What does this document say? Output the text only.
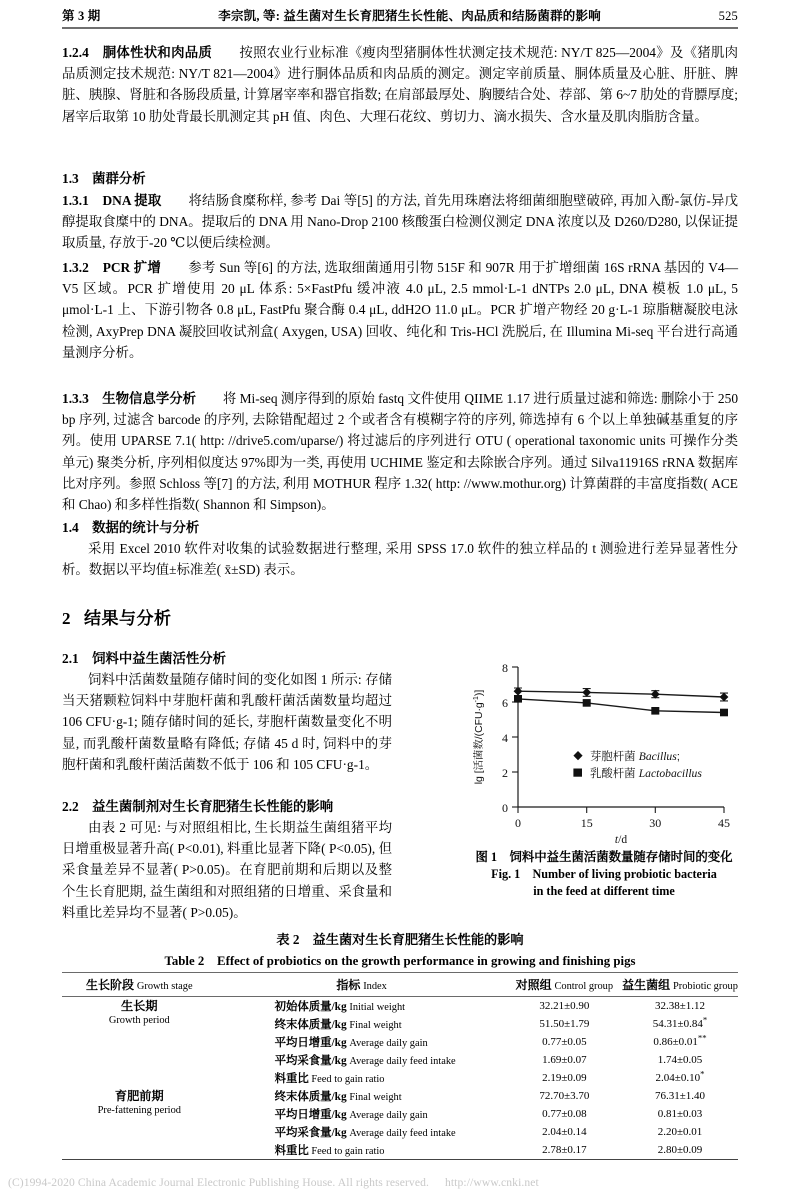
第 3 期	李宗凯, 等: 益生菌对生长育肥猪生长性能、肉品质和结肠菌群的影响	525

1.2.4　 胴体性状和肉品质　　 按照农业行业标准《瘦肉型猪胴体性状测定技术规范: NY/T 825—2004》及《猪肌肉品质测定技术规范: NY/T 821—2004》进行胴体品质和肉品质的测定。测定宰前质量、胴体质量及心脏、肝脏、脾脏、胰腺、肾脏和各肠段质量, 计算屠宰率和器官指数; 在肩部最厚处、胸腰结合处、荐部、第 6~7 肋处的背膘厚度; 屠宰后取第 10 肋处背最长肌测定其 pH 值、肉色、大理石花纹、剪切力、滴水损失、含水量及肌肉脂肪含量。

1.3　 菌群分析

1.3.1　 DNA 提取　　 将结肠食糜称样, 参考 Dai 等[5] 的方法, 首先用珠磨法将细菌细胞壁破碎, 再加入酚-氯仿-异戊醇提取食糜中的 DNA。提取后的 DNA 用 Nano-Drop 2100 核酸蛋白检测仪测定 DNA 浓度以及 D260/D280, 以保证提取质量, 存放于-20 ℃以便后续检测。

1.3.2　 PCR 扩增　　 参考 Sun 等[6] 的方法, 选取细菌通用引物 515F 和 907R 用于扩增细菌 16S rRNA 基因的 V4—V5 区域。PCR 扩增使用 20 μL 体系: 5×FastPfu 缓冲液 4.0 μL, 2.5 mmol·L-1 dNTPs 2.0 μL, DNA 模板 1.0 μL, 5 μmol·L-1 上、下游引物各 0.8 μL, FastPfu 聚合酶 0.4 μL, ddH2O 11.0 μL。PCR 扩增产物经 20 g·L-1 琼脂糖凝胶电泳检测, AxyPrep DNA 凝胶回收试剂盒( Axygen, USA) 回收、纯化和 Tris-HCl 洗脱后, 在 Illumina Mi-seq 平台进行高通量测序分析。

1.3.3　 生物信息学分析　　 将 Mi-seq 测序得到的原始 fastq 文件使用 QIIME 1.17 进行质量过滤和筛选: 删除小于 250 bp 序列, 过滤含 barcode 的序列, 去除错配超过 2 个或者含有模糊字符的序列, 筛选掉有 6 个以上单独碱基重复的序列。使用 UPARSE 7.1( http: //drive5.com/uparse/) 将过滤后的序列进行 OTU ( operational taxonomic units 可操作分类单元) 聚类分析, 序列相似度达 97%即为一类, 再使用 UCHIME 鉴定和去除嵌合序列。通过 Silva11916S rRNA 数据库比对序列。参照 Schloss 等[7] 的方法, 利用 MOTHUR 程序 1.32( http: //www.mothur.org) 计算菌群的丰富度指数( ACE 和 Chao) 和多样性指数( Shannon 和 Simpson)。

1.4　 数据的统计与分析

采用 Excel 2010 软件对收集的试验数据进行整理, 采用 SPSS 17.0 软件的独立样品的 t 测验进行差异显著性分析。数据以平均值±标准差( x̄±SD) 表示。

2 结果与分析

2.1　 饲料中益生菌活性分析

饲料中活菌数量随存储时间的变化如图 1 所示: 存储当天猪颗粒饲料中芽胞杆菌和乳酸杆菌活菌数量均超过 106 CFU·g-1; 随存储时间的延长, 芽胞杆菌数量变化不明显, 而乳酸杆菌数量略有降低; 存储 45 d 时, 饲料中的芽胞杆菌和乳酸杆菌活菌数不低于 106 和 105 CFU·g-1。

2.2　 益生菌制剂对生长育肥猪生长性能的影响

由表 2 可见: 与对照组相比, 生长期益生菌组猪平均日增重极显著升高( P<0.01), 料重比显著下降( P<0.05), 但采食量差异不显著( P>0.05)。在育肥前期和后期以及整个生长育肥期, 益生菌组和对照组猪的日增重、采食量和料重比差异均不显著( P>0.05)。

8
6
4
2
0
0	15	30	45
t/d
lg [活菌数$/(CFU\cdot g^{-1})$]
芽胞杆菌 Bacillus;
乳酸杆菌 Lactobacillus
图 1　饲料中益生菌活菌数量随存储时间的变化
Fig. 1　Number of living probiotic bacteria
in the feed at different time
表 2　益生菌对生长育肥猪生长性能的影响
Table 2　Effect of probiotics on the growth performance in growing and finishing pigs
生长阶段 Growth stage	指标 Index	对照组 Control group	益生菌组 Probiotic group

生长期
Growth period	初始体质量/kg Initial weight	32.21±0.90	32.38±1.12
	终末体质量/kg Final weight	51.50±1.79	54.31±0.84*
	平均日增重/kg Average daily gain	0.77±0.05	0.86±0.01**
	平均采食量/kg Average daily feed intake	1.69±0.07	1.74±0.05
	料重比 Feed to gain ratio	2.19±0.09	2.04±0.10*

育肥前期
Pre-fattening period	终末体质量/kg Final weight	72.70±3.70	76.31±1.40
	平均日增重/kg Average daily gain	0.77±0.08	0.81±0.03
	平均采食量/kg Average daily feed intake	2.04±0.14	2.20±0.01
	料重比 Feed to gain ratio	2.78±0.17	2.80±0.09
(C)1994-2020 China Academic Journal Electronic Publishing House. All rights reserved. http://www.cnki.net
